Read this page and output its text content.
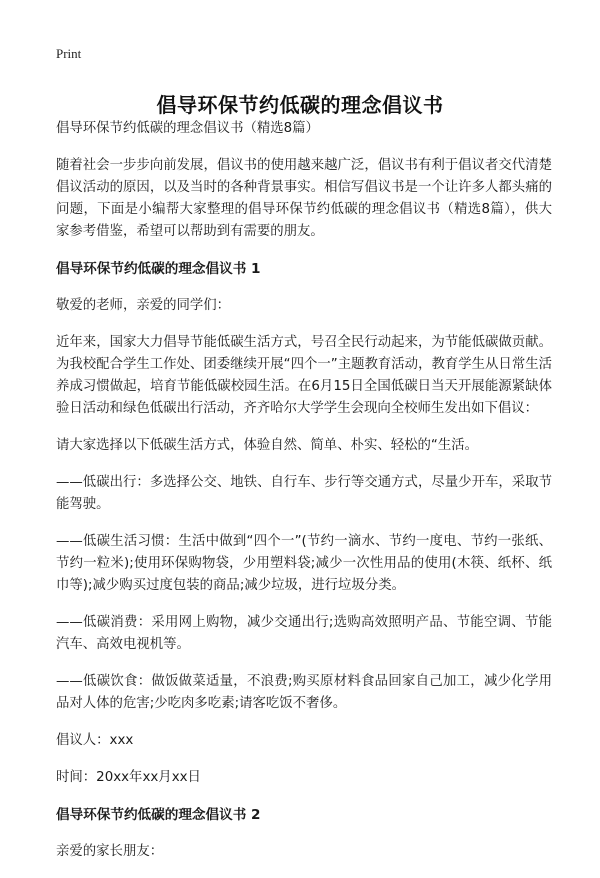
Print
倡导环保节约低碳的理念倡议书

倡导环保节约低碳的理念倡议书（精选8篇）

随着社会一步步向前发展，倡议书的使用越来越广泛，倡议书有利于倡议者交代清楚倡议活动的原因，以及当时的各种背景事实。相信写倡议书是一个让许多人都头痛的问题，下面是小编帮大家整理的倡导环保节约低碳的理念倡议书（精选8篇），供大家参考借鉴，希望可以帮助到有需要的朋友。

倡导环保节约低碳的理念倡议书 1

敬爱的老师，亲爱的同学们：

近年来，国家大力倡导节能低碳生活方式，号召全民行动起来，为节能低碳做贡献。为我校配合学生工作处、团委继续开展“四个一”主题教育活动，教育学生从日常生活养成习惯做起，培育节能低碳校园生活。在6月15日全国低碳日当天开展能源紧缺体验日活动和绿色低碳出行活动，齐齐哈尔大学学生会现向全校师生发出如下倡议：

请大家选择以下低碳生活方式，体验自然、简单、朴实、轻松的“生活。

——低碳出行：多选择公交、地铁、自行车、步行等交通方式，尽量少开车，采取节能驾驶。

——低碳生活习惯：生活中做到“四个一”(节约一滴水、节约一度电、节约一张纸、节约一粒米);使用环保购物袋，少用塑料袋;减少一次性用品的使用(木筷、纸杯、纸巾等);减少购买过度包装的商品;减少垃圾，进行垃圾分类。

——低碳消费：采用网上购物，减少交通出行;选购高效照明产品、节能空调、节能汽车、高效电视机等。

——低碳饮食：做饭做菜适量，不浪费;购买原材料食品回家自己加工，减少化学用品对人体的危害;少吃肉多吃素;请客吃饭不奢侈。

倡议人：xxx

时间：20xx年xx月xx日

倡导环保节约低碳的理念倡议书 2

亲爱的家长朋友：
